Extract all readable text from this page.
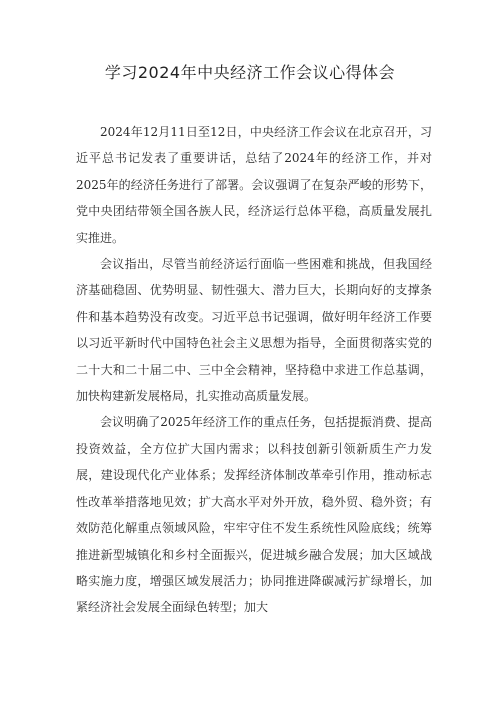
学习2024年中央经济工作会议心得体会

2024年12月11日至12日，中央经济工作会议在北京召开，习近平总书记发表了重要讲话，总结了2024年的经济工作，并对2025年的经济任务进行了部署。会议强调了在复杂严峻的形势下，党中央团结带领全国各族人民，经济运行总体平稳，高质量发展扎实推进。

会议指出，尽管当前经济运行面临一些困难和挑战，但我国经济基础稳固、优势明显、韧性强大、潜力巨大，长期向好的支撑条件和基本趋势没有改变。习近平总书记强调，做好明年经济工作要以习近平新时代中国特色社会主义思想为指导，全面贯彻落实党的二十大和二十届二中、三中全会精神，坚持稳中求进工作总基调，加快构建新发展格局，扎实推动高质量发展。

会议明确了2025年经济工作的重点任务，包括提振消费、提高投资效益，全方位扩大国内需求；以科技创新引领新质生产力发展，建设现代化产业体系；发挥经济体制改革牵引作用，推动标志性改革举措落地见效；扩大高水平对外开放，稳外贸、稳外资；有效防范化解重点领域风险，牢牢守住不发生系统性风险底线；统筹推进新型城镇化和乡村全面振兴，促进城乡融合发展；加大区域战略实施力度，增强区域发展活力；协同推进降碳减污扩绿增长，加紧经济社会发展全面绿色转型；加大
